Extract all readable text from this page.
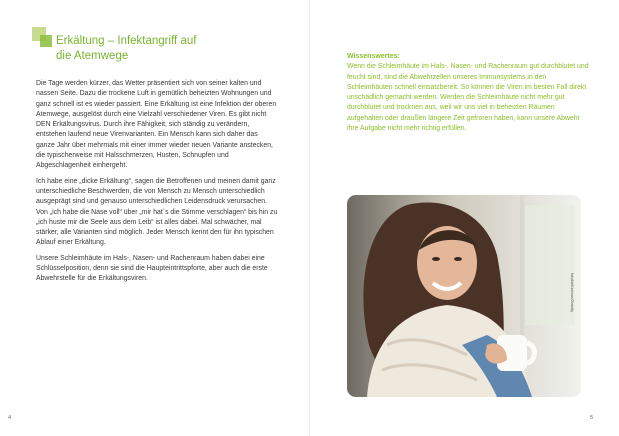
Erkältung – Infektangriff auf
die Atemwege

Die Tage werden kürzer, das Wetter präsentiert sich von seiner kalten und nassen Seite. Dazu die trockene Luft in gemütlich beheizten Wohnungen und ganz schnell ist es wieder passiert. Eine Erkältung ist eine Infektion der oberen Atemwege, ausgelöst durch eine Vielzahl verschiedener Viren. Es gibt nicht DEN Erkältungsvirus. Durch ihre Fähigkeit, sich ständig zu verändern, entstehen laufend neue Virenvarianten. Ein Mensch kann sich daher das ganze Jahr über mehrmals mit einer immer wieder neuen Variante anstecken, die typischerweise mit Halsschmerzen, Husten, Schnupfen und Abgeschlagenheit einhergeht.

Ich habe eine „dicke Erkältung“, sagen die Betroffenen und meinen damit ganz unterschiedliche Beschwerden, die von Mensch zu Mensch unterschiedlich ausgeprägt sind und genauso unterschiedlichen Leidensdruck verursachen. Von „ich habe die Nase voll“ über „mir hat´s die Stimme verschlagen“ bis hin zu „ich huste mir die Seele aus dem Leib“ ist alles dabei. Mal schwächer, mal stärker, alle Varianten sind möglich. Jeder Mensch kennt den für ihn typischen Ablauf einer Erkältung.

Unsere Schleimhäute im Hals-, Nasen- und Rachenraum haben dabei eine Schlüsselposition, denn sie sind die Haupteintrittspforte, aber auch die erste Abwehrstelle für die Erkältungsviren.

4

Wissenswertes:

Wenn die Schleimhäute im Hals-, Nasen- und Rachenraum gut durchblutet und feucht sind, sind die Abwehrzellen unseres Immunsystems in den Schleimhäuten schnell einsatzbereit. So können die Viren im besten Fall direkt unschädlich gemacht werden. Werden die Schleimhäute nicht mehr gut durchblutet und trocknen aus, weil wir uns viel in beheizten Räumen aufgehalten oder draußen längere Zeit gefroren haben, kann unsere Abwehr ihre Aufgabe nicht mehr richtig erfüllen.

fotolia/Kzenon/Gravity
5
